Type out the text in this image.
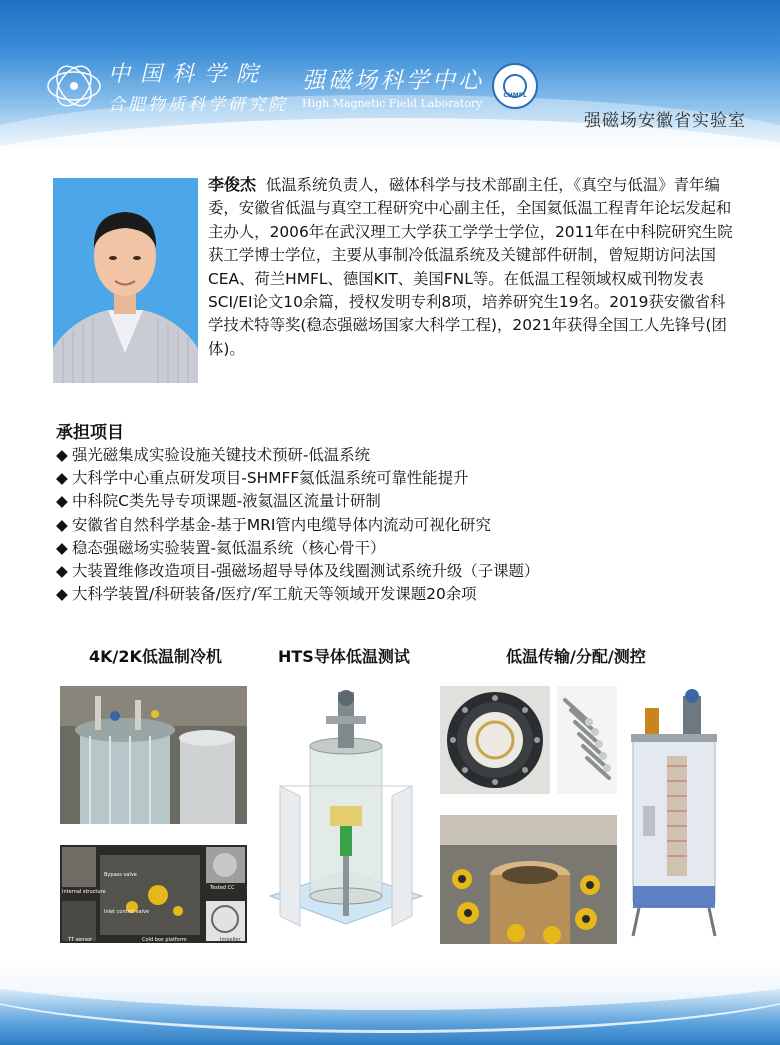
中国科学院
合肥物质科学研究院
强磁场科学中心
High Magnetic Field Laboratory
CHMFL
强磁场安徽省实验室
李俊杰 低温系统负责人，磁体科学与技术部副主任，《真空与低温》青年编委，安徽省低温与真空工程研究中心副主任，全国氦低温工程青年论坛发起和主办人，2006年在武汉理工大学获工学学士学位，2011年在中科院研究生院获工学博士学位，主要从事制冷低温系统及关键部件研制，曾短期访问法国CEA、荷兰HMFL、德国KIT、美国FNL等。在低温工程领域权威刊物发表SCI/EI论文10余篇，授权发明专利8项，培养研究生19名。2019获安徽省科学技术特等奖(稳态强磁场国家大科学工程)，2021年获得全国工人先锋号(团体)。
承担项目
◆ 强光磁集成实验设施关键技术预研-低温系统
◆ 大科学中心重点研发项目-SHMFF氦低温系统可靠性能提升
◆ 中科院C类先导专项课题-液氦温区流量计研制
◆ 安徽省自然科学基金-基于MRI管内电缆导体内流动可视化研究
◆ 稳态强磁场实验装置-氦低温系统（核心骨干）
◆ 大装置维修改造项目-强磁场超导导体及线圈测试系统升级（子课题）
◆ 大科学装置/科研装备/医疗/军工航天等领域开发课题20余项
4K/2K低温制冷机	HTS导体低温测试	低温传输/分配/测控
Bypass valve
Internal structure
Tested CC
Inlet control valve
TT sensor	Cold box platform	Impeller
